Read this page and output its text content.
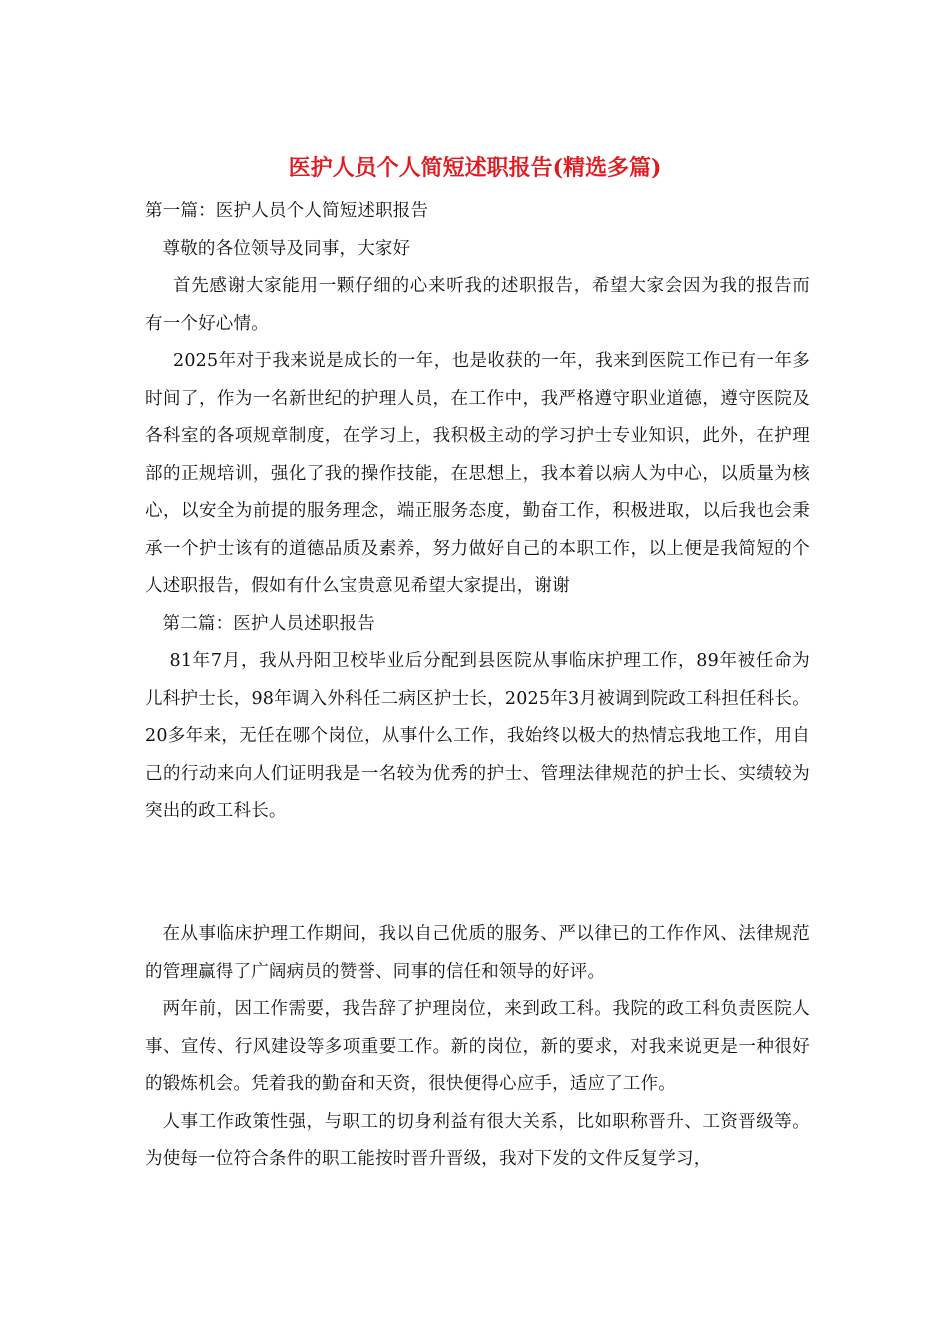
医护人员个人简短述职报告(精选多篇)

第一篇：医护人员个人简短述职报告

尊敬的各位领导及同事，大家好

首先感谢大家能用一颗仔细的心来听我的述职报告，希望大家会因为我的报告而有一个好心情。

2025年对于我来说是成长的一年，也是收获的一年，我来到医院工作已有一年多时间了，作为一名新世纪的护理人员，在工作中，我严格遵守职业道德，遵守医院及各科室的各项规章制度，在学习上，我积极主动的学习护士专业知识，此外，在护理部的正规培训，强化了我的操作技能，在思想上，我本着以病人为中心，以质量为核心，以安全为前提的服务理念，端正服务态度，勤奋工作，积极进取，以后我也会秉承一个护士该有的道德品质及素养，努力做好自己的本职工作，以上便是我简短的个人述职报告，假如有什么宝贵意见希望大家提出，谢谢

第二篇：医护人员述职报告

81年7月，我从丹阳卫校毕业后分配到县医院从事临床护理工作，89年被任命为儿科护士长，98年调入外科任二病区护士长，2025年3月被调到院政工科担任科长。20多年来，无任在哪个岗位，从事什么工作，我始终以极大的热情忘我地工作，用自己的行动来向人们证明我是一名较为优秀的护士、管理法律规范的护士长、实绩较为突出的政工科长。

在从事临床护理工作期间，我以自己优质的服务、严以律已的工作作风、法律规范的管理赢得了广阔病员的赞誉、同事的信任和领导的好评。

两年前，因工作需要，我告辞了护理岗位，来到政工科。我院的政工科负责医院人事、宣传、行风建设等多项重要工作。新的岗位，新的要求，对我来说更是一种很好的锻炼机会。凭着我的勤奋和天资，很快便得心应手，适应了工作。

人事工作政策性强，与职工的切身利益有很大关系，比如职称晋升、工资晋级等。为使每一位符合条件的职工能按时晋升晋级，我对下发的文件反复学习，
